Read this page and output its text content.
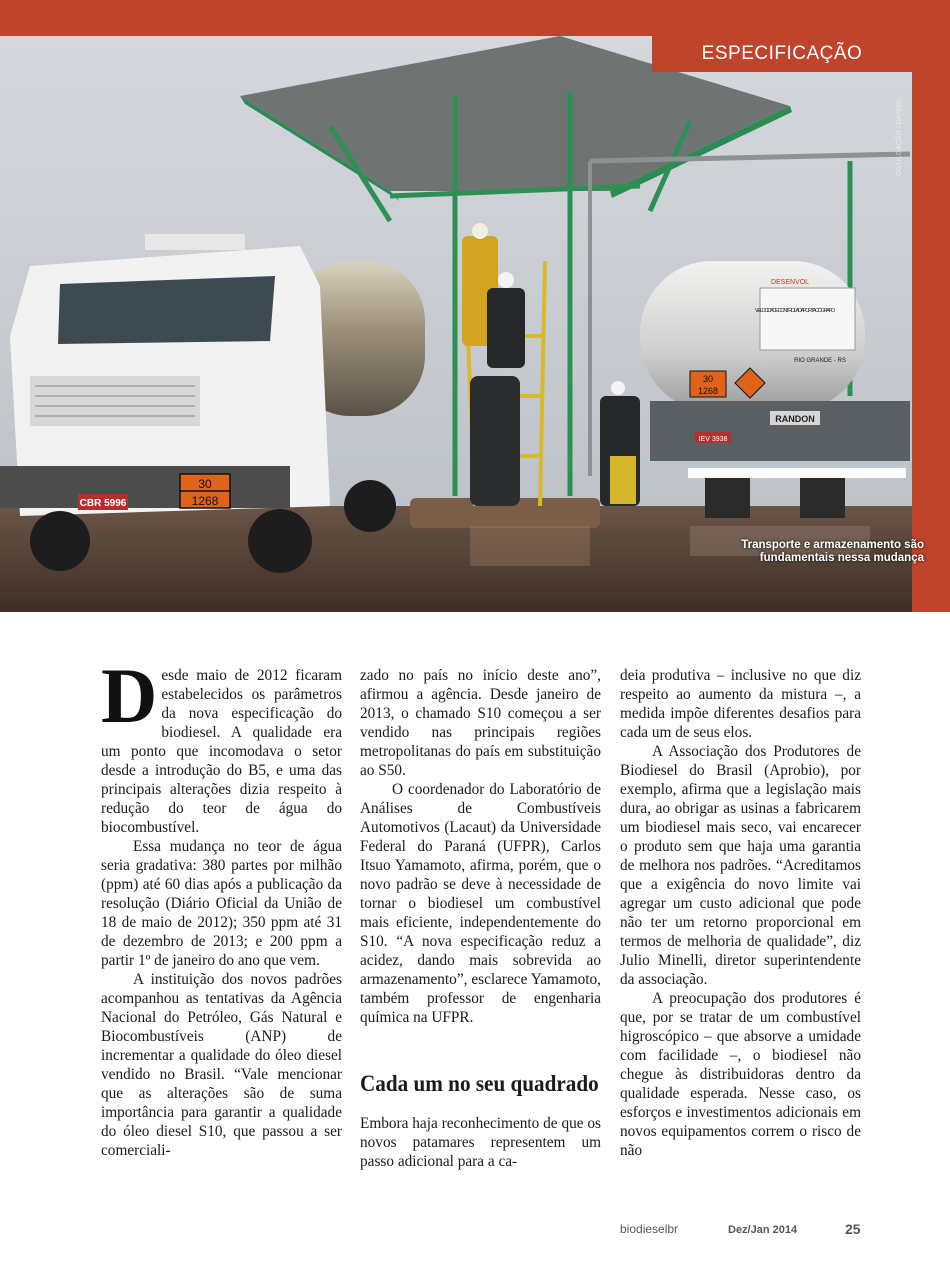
CBR 5996
30
1268
DESENVOL
VELOCIDADE CONTROLADA POR TACÓGRAFO
RIO GRANDE - RS
30
1268
RANDON
IEV 3938
DIVULGAÇÃO / DANIEL
ESPECIFICAÇÃO
Transporte e armazenamento são
fundamentais nessa mudança

Desde maio de 2012 ficaram estabelecidos os parâmetros da nova especificação do biodiesel. A qualidade era um ponto que incomodava o setor desde a introdução do B5, e uma das principais alterações dizia respeito à redução do teor de água do biocombustível.

Essa mudança no teor de água seria gradativa: 380 partes por milhão (ppm) até 60 dias após a publicação da resolução (Diário Oficial da União de 18 de maio de 2012); 350 ppm até 31 de dezembro de 2013; e 200 ppm a partir 1º de janeiro do ano que vem.

A instituição dos novos padrões acompanhou as tentativas da Agência Nacional do Petróleo, Gás Natural e Biocombustíveis (ANP) de incrementar a qualidade do óleo diesel vendido no Brasil. “Vale mencionar que as alterações são de suma importância para garantir a qualidade do óleo diesel S10, que passou a ser comerciali-

zado no país no início deste ano”, afirmou a agência. Desde janeiro de 2013, o chamado S10 começou a ser vendido nas principais regiões metropolitanas do país em substituição ao S50.

O coordenador do Laboratório de Análises de Combustíveis Automotivos (Lacaut) da Universidade Federal do Paraná (UFPR), Carlos Itsuo Yamamoto, afirma, porém, que o novo padrão se deve à necessidade de tornar o biodiesel um combustível mais eficiente, independentemente do S10. “A nova especificação reduz a acidez, dando mais sobrevida ao armazenamento”, esclarece Yamamoto, também professor de engenharia química na UFPR.

Cada um no seu quadrado

Embora haja reconhecimento de que os novos patamares representem um passo adicional para a ca-

deia produtiva – inclusive no que diz respeito ao aumento da mistura –, a medida impõe diferentes desafios para cada um de seus elos.

A Associação dos Produtores de Biodiesel do Brasil (Aprobio), por exemplo, afirma que a legislação mais dura, ao obrigar as usinas a fabricarem um biodiesel mais seco, vai encarecer o produto sem que haja uma garantia de melhora nos padrões. “Acreditamos que a exigência do novo limite vai agregar um custo adicional que pode não ter um retorno proporcional em termos de melhoria de qualidade”, diz Julio Minelli, diretor superintendente da associação.

A preocupação dos produtores é que, por se tratar de um combustível higroscópico – que absorve a umidade com facilidade –, o biodiesel não chegue às distribuidoras dentro da qualidade esperada. Nesse caso, os esforços e investimentos adicionais em novos equipamentos correm o risco de não

biodieselbr	Dez/Jan 2014	25
